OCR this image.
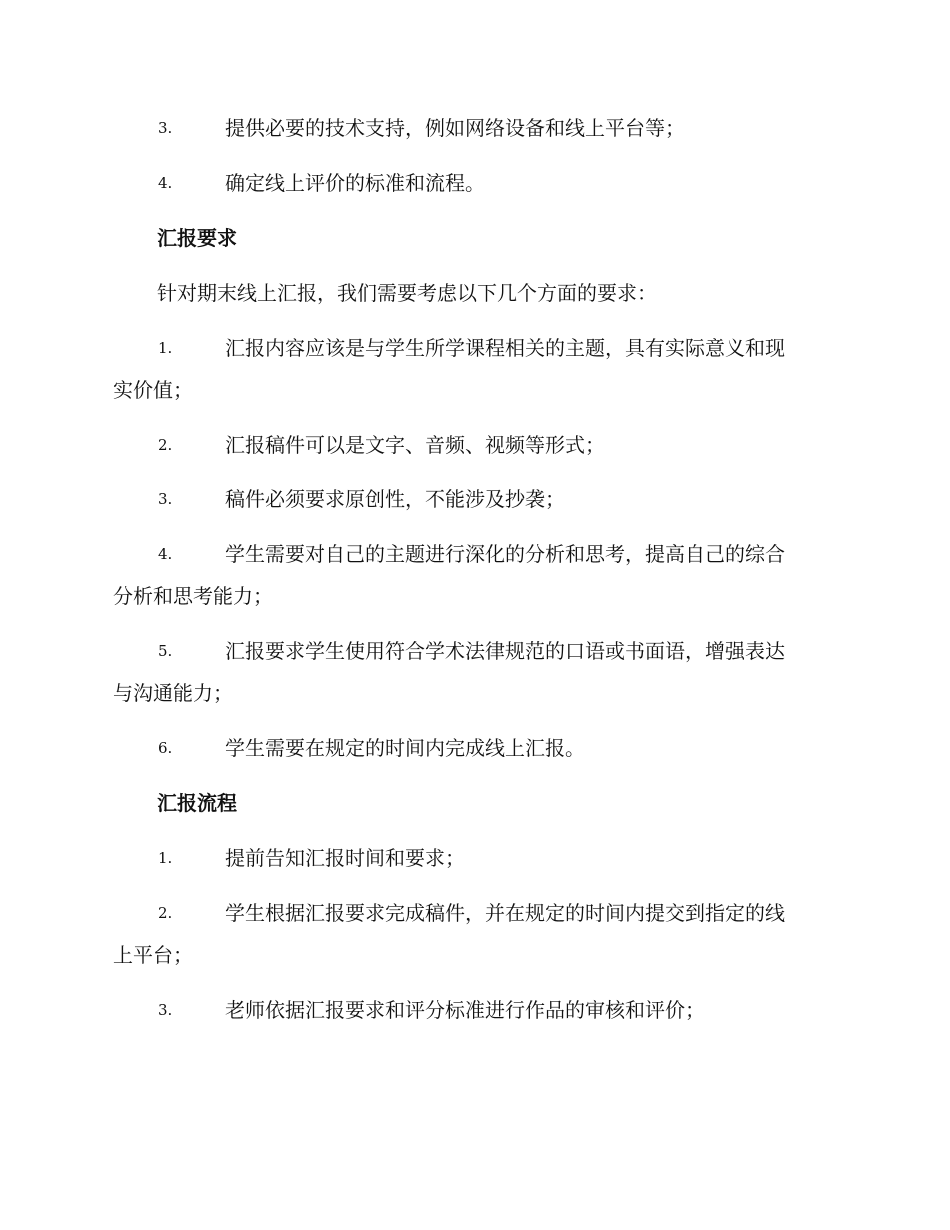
3.	提供必要的技术支持，例如网络设备和线上平台等；
4.	确定线上评价的标准和流程。
汇报要求
针对期末线上汇报，我们需要考虑以下几个方面的要求：
1.	汇报内容应该是与学生所学课程相关的主题，具有实际意义和现
实价值；
2.	汇报稿件可以是文字、音频、视频等形式；
3.	稿件必须要求原创性，不能涉及抄袭；
4.	学生需要对自己的主题进行深化的分析和思考，提高自己的综合
分析和思考能力；
5.	汇报要求学生使用符合学术法律规范的口语或书面语，增强表达
与沟通能力；
6.	学生需要在规定的时间内完成线上汇报。
汇报流程
1.	提前告知汇报时间和要求；
2.	学生根据汇报要求完成稿件，并在规定的时间内提交到指定的线
上平台；
3.	老师依据汇报要求和评分标准进行作品的审核和评价；
